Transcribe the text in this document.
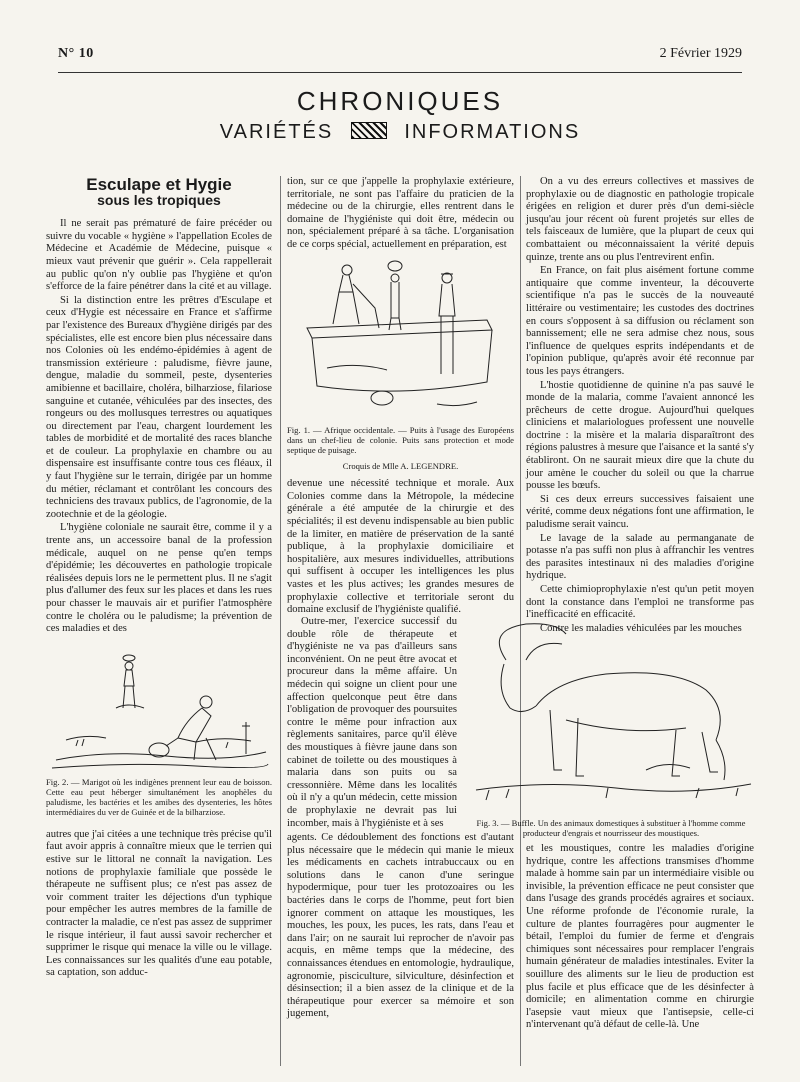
N° 10	2 Février 1929
CHRONIQUES
VARIÉTÉS	INFORMATIONS
Esculape et Hygie
sous les tropiques

Il ne serait pas prématuré de faire précéder ou suivre du vocable « hygiène » l'appellation Ecoles de Médecine et Académie de Médecine, puisque « mieux vaut prévenir que guérir ». Cela rappellerait au public qu'on n'y oublie pas l'hygiène et qu'on s'efforce de la faire pénétrer dans la cité et au village.

Si la distinction entre les prêtres d'Esculape et ceux d'Hygie est nécessaire en France et s'affirme par l'existence des Bureaux d'hygiène dirigés par des spécialistes, elle est encore bien plus nécessaire dans nos Colonies où les endémo-épidémies à agent de transmission extérieure : paludisme, fièvre jaune, dengue, maladie du sommeil, peste, dysenteries amibienne et bacillaire, choléra, bilharziose, filariose sanguine et cutanée, véhiculées par des insectes, des rongeurs ou des mollusques terrestres ou aquatiques ou directement par l'eau, chargent lourdement les tables de morbidité et de mortalité des races blanche et de couleur. La prophylaxie en chambre ou au dispensaire est insuffisante contre tous ces fléaux, il y faut l'hygiène sur le terrain, dirigée par un homme du métier, réclamant et contrôlant les concours des techniciens des travaux publics, de l'agronomie, de la zootechnie et de la géologie.

L'hygiène coloniale ne saurait être, comme il y a trente ans, un accessoire banal de la profession médicale, auquel on ne pense qu'en temps d'épidémie; les découvertes en pathologie tropicale réalisées depuis lors ne le permettent plus. Il ne s'agit plus d'allumer des feux sur les places et dans les rues pour chasser le mauvais air et purifier l'atmosphère contre le choléra ou le paludisme; la prévention de ces maladies et des

Fig. 2. — Marigot où les indigènes prennent leur eau de boisson. Cette eau peut héberger simultanément les anophèles du paludisme, les bactéries et les amibes des dysenteries, les hôtes intermédiaires du ver de Guinée et de la bilharziose.

autres que j'ai citées a une technique très précise qu'il faut avoir appris à connaître mieux que le terrien qui estive sur le littoral ne connaît la navigation. Les notions de prophylaxie familiale que possède le thérapeute ne suffisent plus; ce n'est pas assez de voir comment traiter les déjections d'un typhique pour empêcher les autres membres de la famille de contracter la maladie, ce n'est pas assez de supprimer le risque intérieur, il faut aussi savoir rechercher et supprimer le risque qui menace la ville ou le village. Les connaissances sur les qualités d'une eau potable, sa captation, son adduc-

tion, sur ce que j'appelle la prophylaxie extérieure, territoriale, ne sont pas l'affaire du praticien de la médecine ou de la chirurgie, elles rentrent dans le domaine de l'hygiéniste qui doit être, médecin ou non, spécialement préparé à sa tâche. L'organisation de ce corps spécial, actuellement en préparation, est

Fig. 1. — Afrique occidentale. — Puits à l'usage des Européens dans un chef-lieu de colonie. Puits sans protection et mode septique de puisage.
Croquis de Mlle A. LEGENDRE.

devenue une nécessité technique et morale. Aux Colonies comme dans la Métropole, la médecine générale a été amputée de la chirurgie et des spécialités; il est devenu indispensable au bien public de la limiter, en matière de préservation de la santé publique, à la prophylaxie domiciliaire et hospitalière, aux mesures individuelles, attributions qui suffisent à occuper les intelligences les plus vastes et les plus actives; les grandes mesures de prophylaxie collective et territoriale seront du domaine exclusif de l'hygiéniste qualifié.

Outre-mer, l'exercice successif du double rôle de thérapeute et d'hygiéniste ne va pas d'ailleurs sans inconvénient. On ne peut être avocat et procureur dans la même affaire. Un médecin qui soigne un client pour une affection quelconque peut être dans l'obligation de provoquer des poursuites contre le même pour infraction aux règlements sanitaires, parce qu'il élève des moustiques à fièvre jaune dans son cabinet de toilette ou des moustiques à malaria dans son puits ou sa cressonnière. Même dans les localités où il n'y a qu'un médecin, cette mission de prophylaxie ne devrait pas lui incomber, mais à l'hygiéniste et à ses

agents. Ce dédoublement des fonctions est d'autant plus nécessaire que le médecin qui manie le mieux les médicaments en cachets intrabuccaux ou en solutions dans le canon d'une seringue hypodermique, pour tuer les protozoaires ou les bactéries dans le corps de l'homme, peut fort bien ignorer comment on attaque les moustiques, les mouches, les poux, les puces, les rats, dans l'eau et dans l'air; on ne saurait lui reprocher de n'avoir pas acquis, en même temps que la médecine, des connaissances étendues en entomologie, hydraulique, agronomie, pisciculture, silviculture, désinfection et désinsection; il a bien assez de la clinique et de la thérapeutique pour exercer sa mémoire et son jugement,

On a vu des erreurs collectives et massives de prophylaxie ou de diagnostic en pathologie tropicale érigées en religion et durer près d'un demi-siècle jusqu'au jour récent où furent projetés sur elles de tels faisceaux de lumière, que la plupart de ceux qui combattaient ou méconnaissaient la vérité depuis quinze, trente ans ou plus l'entrevirent enfin.

En France, on fait plus aisément fortune comme antiquaire que comme inventeur, la découverte scientifique n'a pas le succès de la nouveauté littéraire ou vestimentaire; les custodes des doctrines en cours s'opposent à sa diffusion ou réclament son bannissement; elle ne sera admise chez nous, sous l'influence de quelques esprits indépendants et de l'opinion publique, qu'après avoir été reconnue par tous les pays étrangers.

L'hostie quotidienne de quinine n'a pas sauvé le monde de la malaria, comme l'avaient annoncé les prêcheurs de cette drogue. Aujourd'hui quelques cliniciens et malariologues professent une nouvelle doctrine : la misère et la malaria disparaîtront des régions palustres à mesure que l'aisance et la santé s'y établiront. On ne saurait mieux dire que la chute du jour amène le coucher du soleil ou que la charrue pousse les bœufs.

Si ces deux erreurs successives faisaient une vérité, comme deux négations font une affirmation, le paludisme serait vaincu.

Le lavage de la salade au permanganate de potasse n'a pas suffi non plus à affranchir les ventres des parasites intestinaux ni des maladies d'origine hydrique.

Cette chimioprophylaxie n'est qu'un petit moyen dont la constance dans l'emploi ne transforme pas l'inefficacité en efficacité.

Contre les maladies véhiculées par les mouches

Fig. 3. — Buffle. Un des animaux domestiques à substituer à l'homme comme producteur d'engrais et nourrisseur des moustiques.

et les moustiques, contre les maladies d'origine hydrique, contre les affections transmises d'homme malade à homme sain par un intermédiaire visible ou invisible, la prévention efficace ne peut consister que dans l'usage des grands procédés agraires et sociaux. Une réforme profonde de l'économie rurale, la culture de plantes fourragères pour augmenter le bétail, l'emploi du fumier de ferme et d'engrais chimiques sont nécessaires pour remplacer l'engrais humain générateur de maladies intestinales. Eviter la souillure des aliments sur le lieu de production est plus facile et plus efficace que de les désinfecter à domicile; en alimentation comme en chirurgie l'asepsie vaut mieux que l'antisepsie, celle-ci n'intervenant qu'à défaut de celle-là. Une
